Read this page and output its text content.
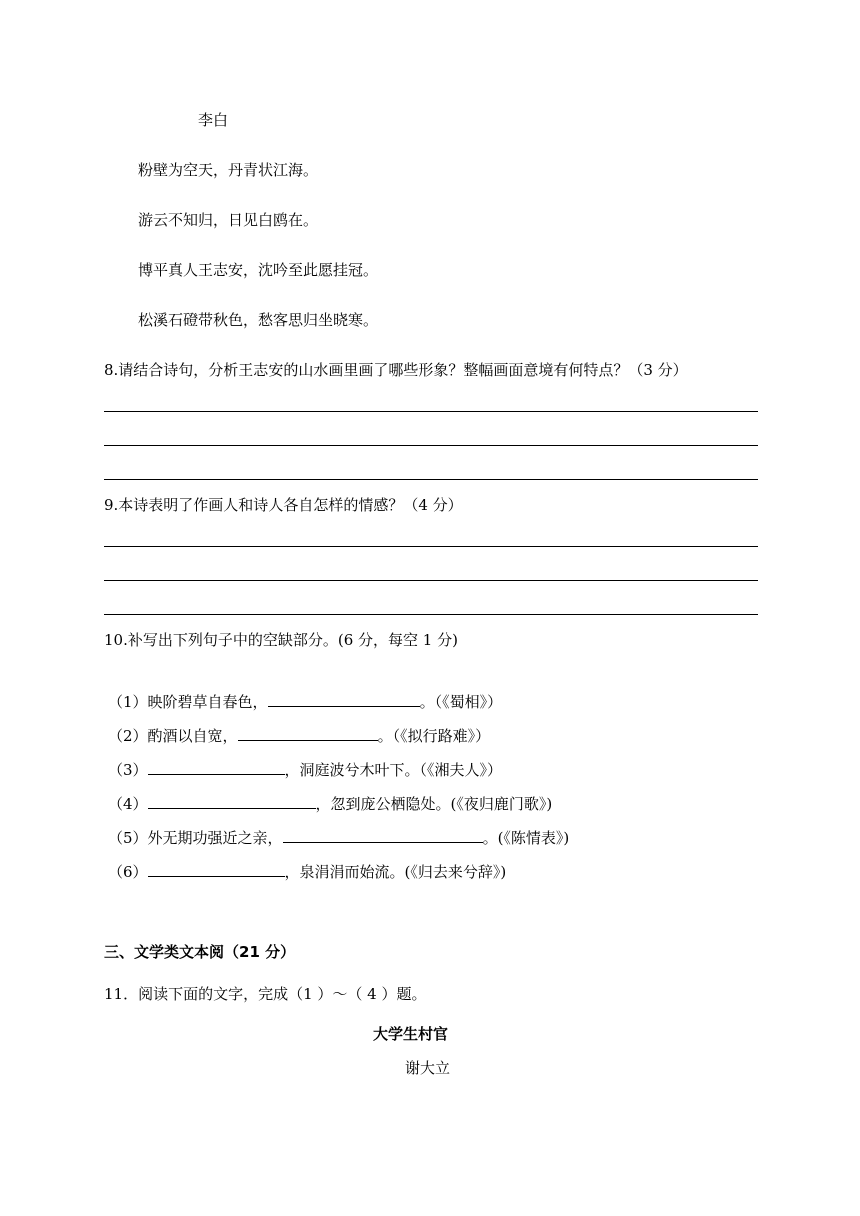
李白
粉壁为空天，丹青状江海。
游云不知归，日见白鸥在。
博平真人王志安，沈吟至此愿挂冠。
松溪石磴带秋色，愁客思归坐晓寒。
8.请结合诗句，分析王志安的山水画里画了哪些形象？整幅画面意境有何特点？（3 分）
9.本诗表明了作画人和诗人各自怎样的情感？（4 分）
10.补写出下列句子中的空缺部分。(6 分，每空 1 分)
（1）映阶碧草自春色，	。（《蜀相》）
（2）酌酒以自宽，	。（《拟行路难》）
（3）	，洞庭波兮木叶下。（《湘夫人》）
（4）	，忽到庞公栖隐处。(《夜归鹿门歌》)
（5）外无期功强近之亲，	。(《陈情表》)
（6）	，泉涓涓而始流。(《归去来兮辞》)
三、文学类文本阅（21 分）
11．阅读下面的文字，完成（1 ）～（ 4 ）题。
大学生村官
谢大立
